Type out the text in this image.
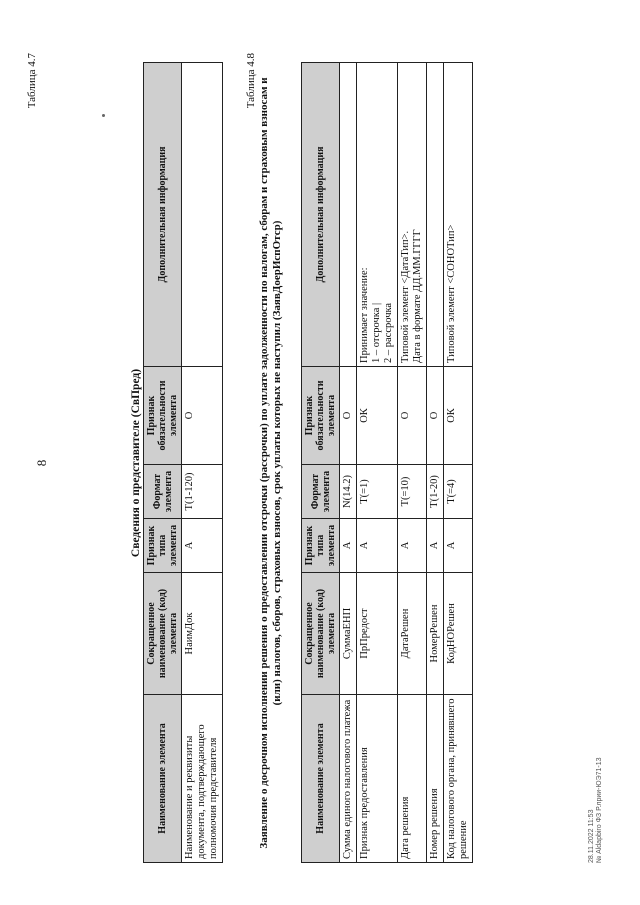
8
Таблица 4.7
Сведения о представителе (СвПред)
Наименование элемента	Сокращенное наименование (код) элемента	Признак типа элемента	Формат элемента	Признак обязательности элемента	Дополнительная информация
Наименование и реквизиты документа, подтверждающего полномочия представителя	НаимДок	А	Т(1-120)	О	
Таблица 4.8 Заявление о досрочном исполнении решения о предоставлении отсрочки (рассрочки) по уплате задолженности по налогам, сборам и страховым взносам и (или) налогов, сборов, страховых взносов, срок уплаты которых не наступил (ЗаявДоерИспОтср)
Наименование элемента	Сокращенное наименование (код) элемента	Признак типа элемента	Формат элемента	Признак обязательности элемента	Дополнительная информация
Сумма единого налогового платежа	СуммаЕНП	А	N(14.2)	О	
Признак предоставления	ПрПредост	А	Т(=1)	ОК	Принимает значение:
1 – отсрочка |
2 – рассрочка
Дата решения	ДатаРешен	А	Т(=10)	О	Типовой элемент <ДатаТип>.
Дата в формате ДД.ММ.ГГГГ
Номер решения	НомерРешен	А	Т(1-20)	О	
Код налогового органа, принявшего решение	КодНОРешен	А	Т(=4)	ОК	Типовой элемент <СОНОТип>
28.11.2022 11:53 № Aldapbiro ФЗ Р.лрии-ЮЭ71-13
